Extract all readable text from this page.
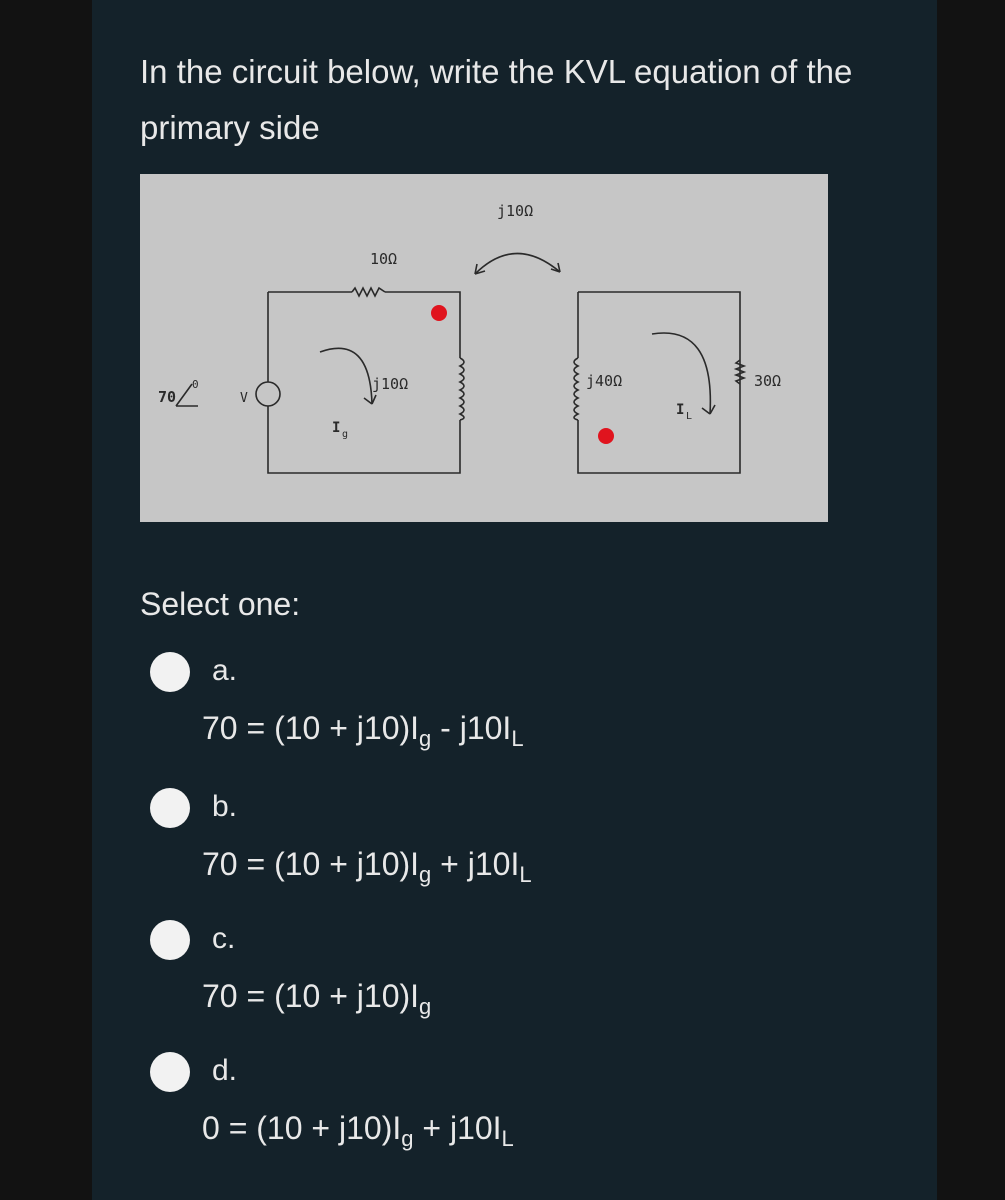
In the circuit below, write the KVL equation of the primary side
10Ω
j10Ω
j10Ω
j40Ω	30Ω
70
0
V
I g
I L
Select one:
a.
$70 = (10 + j10)I_g - j10I_L$
b.
$70 = (10 + j10)I_g + j10I_L$
c.
$70 = (10 + j10)I_g$
d.
$0 = (10 + j10)I_g + j10I_L$
